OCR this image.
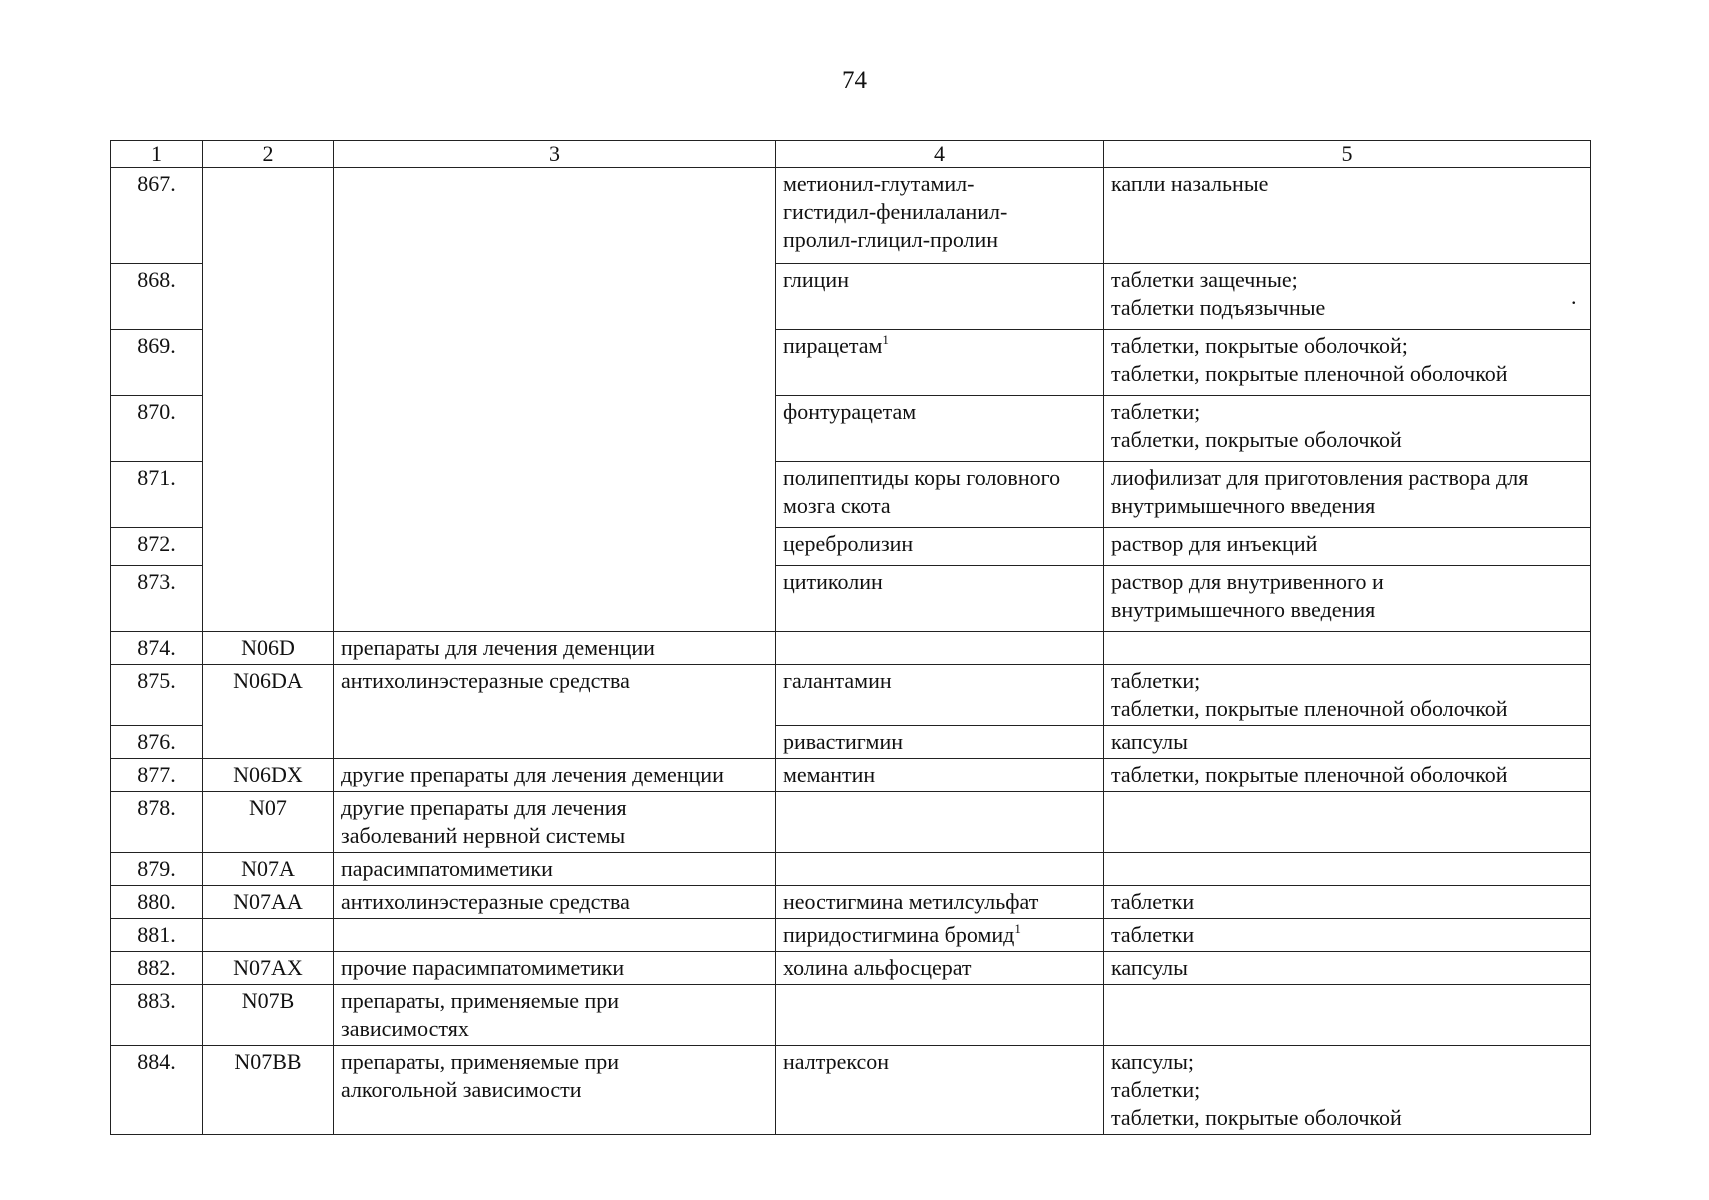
74
.
1	2	3	4	5
867.			метионил-глутамил-
гистидил-фенилаланил-
пролил-глицил-пролин	капли назальные

868.			глицин	таблетки защечные;
таблетки подъязычные

869.			пирацетам$^1$	таблетки, покрытые оболочкой;
таблетки, покрытые пленочной оболочкой

870.			фонтурацетам	таблетки;
таблетки, покрытые оболочкой

871.			полипептиды коры головного
мозга скота	лиофилизат для приготовления раствора для
внутримышечного введения

872.			церебролизин	раствор для инъекций

873.			цитиколин	раствор для внутривенного и
внутримышечного введения

874.	N06D	препараты для лечения деменции		

875.	N06DA	антихолинэстеразные средства	галантамин	таблетки;
таблетки, покрытые пленочной оболочкой

876.			ривастигмин	капсулы

877.	N06DX	другие препараты для лечения деменции	мемантин	таблетки, покрытые пленочной оболочкой

878.	N07	другие препараты для лечения
заболеваний нервной системы		

879.	N07A	парасимпатомиметики		

880.	N07AA	антихолинэстеразные средства	неостигмина метилсульфат	таблетки

881.			пиридостигмина бромид$^1$	таблетки

882.	N07AX	прочие парасимпатомиметики	холина альфосцерат	капсулы

883.	N07B	препараты, применяемые при
зависимостях		

884.	N07BB	препараты, применяемые при
алкогольной зависимости	налтрексон	капсулы;
таблетки;
таблетки, покрытые оболочкой
